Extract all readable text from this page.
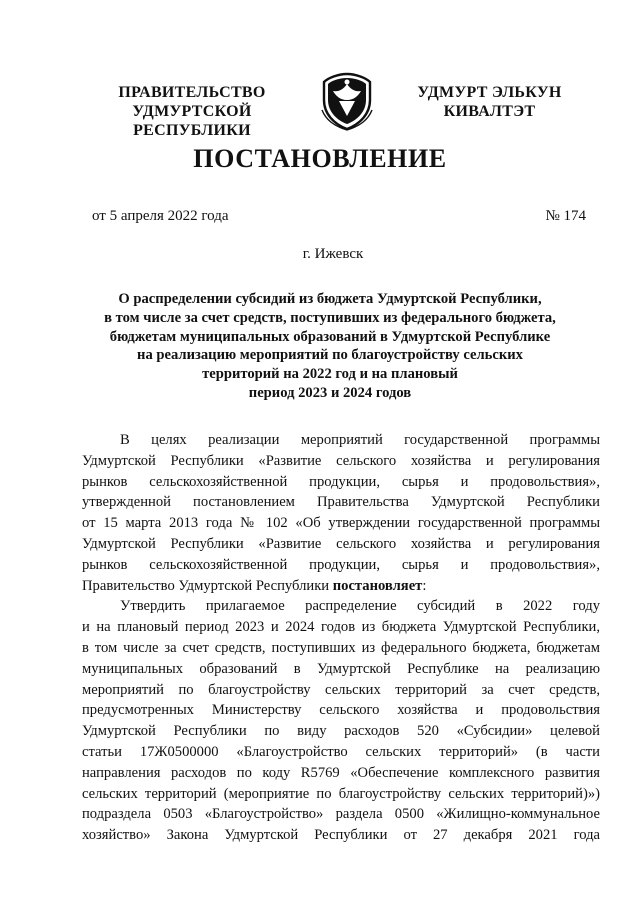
ПРАВИТЕЛЬСТВО
УДМУРТСКОЙ РЕСПУБЛИКИ
УДМУРТ ЭЛЬКУН
КИВАЛТЭТ
ПОСТАНОВЛЕНИЕ
от 5 апреля 2022 года	№ 174
г. Ижевск
О распределении субсидий из бюджета Удмуртской Республики,
в том числе за счет средств, поступивших из федерального бюджета,
бюджетам муниципальных образований в Удмуртской Республике
на реализацию мероприятий по благоустройству сельских
территорий на 2022 год и на плановый
период 2023 и 2024 годов
В целях реализации мероприятий государственной программы
Удмуртской Республики «Развитие сельского хозяйства и регулирования
рынков сельскохозяйственной продукции, сырья и продовольствия»,
утвержденной постановлением Правительства Удмуртской Республики
от 15 марта 2013 года № 102 «Об утверждении государственной программы
Удмуртской Республики «Развитие сельского хозяйства и регулирования
рынков сельскохозяйственной продукции, сырья и продовольствия»,
Правительство Удмуртской Республики постановляет:
Утвердить прилагаемое распределение субсидий в 2022 году
и на плановый период 2023 и 2024 годов из бюджета Удмуртской Республики,
в том числе за счет средств, поступивших из федерального бюджета, бюджетам
муниципальных образований в Удмуртской Республике на реализацию
мероприятий по благоустройству сельских территорий за счет средств,
предусмотренных Министерству сельского хозяйства и продовольствия
Удмуртской Республики по виду расходов 520 «Субсидии» целевой
статьи 17Ж0500000 «Благоустройство сельских территорий» (в части
направления расходов по коду R5769 «Обеспечение комплексного развития
сельских территорий (мероприятие по благоустройству сельских территорий)»)
подраздела 0503 «Благоустройство» раздела 0500 «Жилищно-коммунальное
хозяйство» Закона Удмуртской Республики от 27 декабря 2021 года
